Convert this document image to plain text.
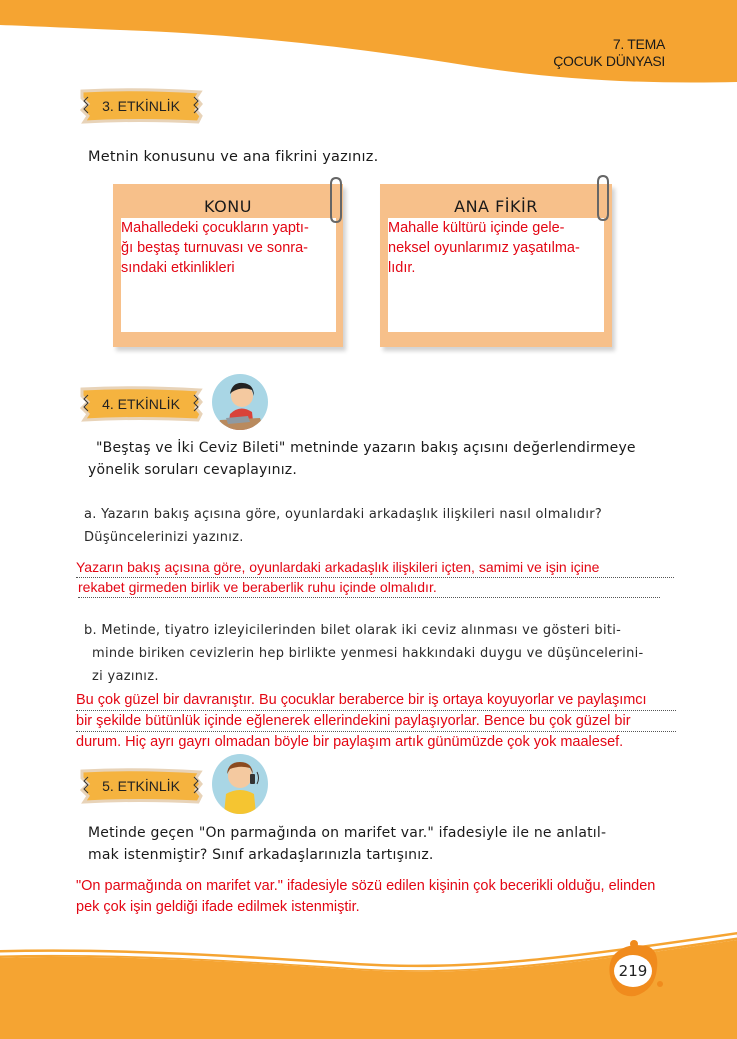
7. TEMA
ÇOCUK DÜNYASI
3. ETKİNLİK
Metnin konusunu ve ana fikrini yazınız.
KONU
Mahalledeki çocukların yaptı-
ğı beştaş turnuvası ve sonra-
sındaki etkinlikleri
ANA FİKİR
Mahalle kültürü içinde gele-
neksel oyunlarımız yaşatılma-
lıdır.
4. ETKİNLİK
"Beştaş ve İki Ceviz Bileti" metninde yazarın bakış açısını değerlendirmeye
yönelik soruları cevaplayınız.
a. Yazarın bakış açısına göre, oyunlardaki arkadaşlık ilişkileri nasıl olmalıdır?
Düşüncelerinizi yazınız.
Yazarın bakış açısına göre, oyunlardaki arkadaşlık ilişkileri içten, samimi ve işin içine
rekabet girmeden birlik ve beraberlik ruhu içinde olmalıdır.
b. Metinde, tiyatro izleyicilerinden bilet olarak iki ceviz alınması ve gösteri biti-
minde biriken cevizlerin hep birlikte yenmesi hakkındaki duygu ve düşüncelerini-
zi yazınız.
Bu çok güzel bir davranıştır. Bu çocuklar beraberce bir iş ortaya koyuyorlar ve paylaşımcı
bir şekilde bütünlük içinde eğlenerek ellerindekini paylaşıyorlar. Bence bu çok güzel bir
durum. Hiç ayrı gayrı olmadan böyle bir paylaşım artık günümüzde çok yok maalesef.
5. ETKİNLİK
Metinde geçen "On parmağında on marifet var." ifadesiyle ile ne anlatıl-
mak istenmiştir? Sınıf arkadaşlarınızla tartışınız.
"On parmağında on marifet var." ifadesiyle sözü edilen kişinin çok becerikli olduğu, elinden
pek çok işin geldiği ifade edilmek istenmiştir.
219
